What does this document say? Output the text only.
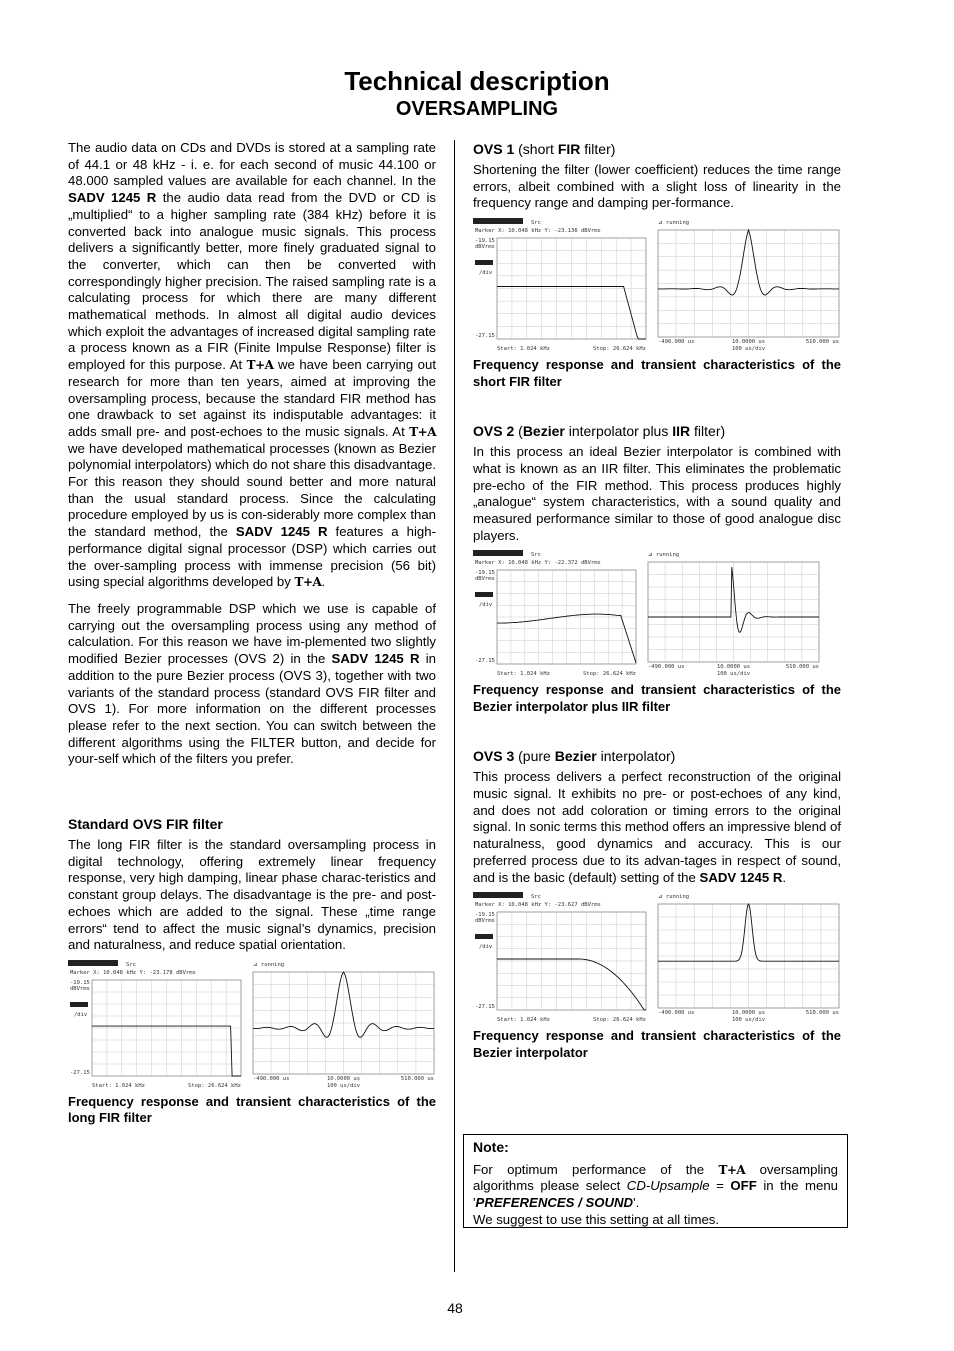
Technical description
OVERSAMPLING

The audio data on CDs and DVDs is stored at a sampling rate of 44.1 or 48 kHz - i. e. for each second of music 44.100 or 48.000 sampled values are available for each channel. In the SADV 1245 R the audio data read from the DVD or CD is „multiplied“ to a higher sampling rate (384 kHz) before it is converted back into analogue music signals. This process delivers a significantly better, more finely graduated signal to the converter, which can then be converted with correspondingly higher precision. The raised sampling rate is a calculating process for which there are many different mathematical methods. In almost all digital audio devices which exploit the advantages of increased digital sampling rate a process known as a FIR (Finite Impulse Response) filter is employed for this purpose. At T+A we have been carrying out research for more than ten years, aimed at improving the oversampling process, because the standard FIR method has one drawback to set against its indisputable advantages: it adds small pre- and post-echoes to the music signals. At T+A we have developed mathematical processes (known as Bezier polynomial interpolators) which do not share this disadvantage. For this reason they should sound better and more natural than the usual standard process. Since the calculating procedure employed by us is con-siderably more complex than the standard method, the SADV 1245 R features a high-performance digital signal processor (DSP) which carries out the over-sampling process with immense precision (56 bit) using special algorithms developed by T+A.

The freely programmable DSP which we use is capable of carrying out the oversampling process using any method of calculation. For this reason we have im-plemented two slightly modified Bezier processes (OVS 2) in the SADV 1245 R in addition to the pure Bezier process (OVS 3), together with two variants of the standard process (standard OVS FIR filter and OVS 1). For more information on the different processes please refer to the next section. You can switch between the different algorithms using the FILTER button, and decide for your-self which of the filters you prefer.

Standard OVS FIR filter

The long FIR filter is the standard oversampling process in digital technology, offering extremely linear frequency response, very high damping, linear phase charac-teristics and constant group delays. The disadvantage is the pre- and post-echoes which are added to the signal. These „time range errors“ tend to affect the music signal’s dynamics, precision and naturalness, and reduce spatial orientation.

Src
Marker X: 10.048 kHz Y: -23.178 dBVrms
-19.15
dBVrms
/div
-27.15
Start: 1.024 kHz	Stop: 26.624 kHz
⊿ running
-490.000 us	10.0000 us
100 us/div
510.000 us
Frequency response and transient characteristics of the long FIR filter
OVS 1 (short FIR filter)

Shortening the filter (lower coefficient) reduces the time range errors, albeit combined with a slight loss of linearity in the frequency range and damping per-formance.

Src
Marker X: 10.048 kHz Y: -23.136 dBVrms
-19.15
dBVrms
/div
-27.15
Start: 1.024 kHz	Stop: 26.624 kHz
⊿ running
-490.000 us	10.0000 us
100 us/div
510.000 us
Frequency response and transient characteristics of the short FIR filter
OVS 2 (Bezier interpolator plus IIR filter)

In this process an ideal Bezier interpolator is combined with what is known as an IIR filter. This eliminates the problematic pre-echo of the FIR method. This process produces highly „analogue“ system characteristics, with a sound quality and measured performance similar to those of good analogue disc players.

Src
Marker X: 10.048 kHz Y: -22.372 dBVrms
-19.15
dBVrms
/div
-27.15
Start: 1.024 kHz	Stop: 26.624 kHz
⊿ running
-490.000 us	10.0000 us
100 us/div
510.000 us
Frequency response and transient characteristics of the Bezier interpolator plus IIR filter
OVS 3 (pure Bezier interpolator)

This process delivers a perfect reconstruction of the original music signal. It exhibits no pre- or post-echoes of any kind, and does not add coloration or timing errors to the original signal. In sonic terms this method offers an impressive blend of naturalness, good dynamics and accuracy. This is our preferred process due to its advan-tages in respect of sound, and is the basic (default) setting of the SADV 1245 R.

Src
Marker X: 10.048 kHz Y: -23.627 dBVrms
-19.15
dBVrms
/div
-27.15
Start: 1.024 kHz	Stop: 26.624 kHz
⊿ running
-490.000 us	10.0000 us
100 us/div
510.000 us
Frequency response and transient characteristics of the Bezier interpolator
Note:
For optimum performance of the T+A oversampling algorithms please select CD-Upsample = OFF in the menu 'PREFERENCES / SOUND'.
We suggest to use this setting at all times.
48
